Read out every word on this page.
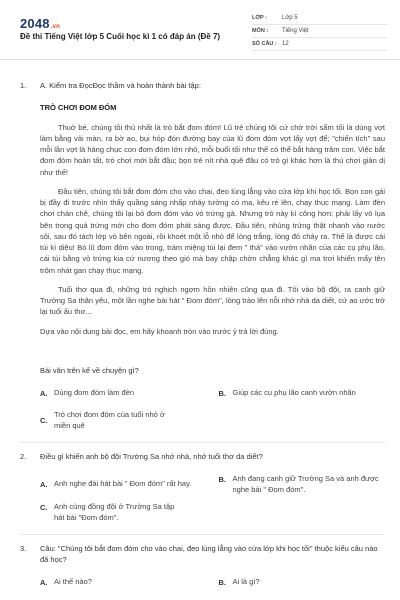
2048.vn
Đề thi Tiếng Việt lớp 5 Cuối học kì 1 có đáp án (Đề 7)
LỚP :	Lớp 5
MÔN :	Tiếng Việt
SỐ CÂU : 12
1. A. Kiểm tra ĐọcĐọc thầm và hoàn thành bài tập:
TRÒ CHƠI ĐOM ĐÓM

Thuở bé, chúng tôi thú nhất là trò bắt đom đóm! Lũ trẻ chúng tôi cứ chờ trời sẩm tối là dùng vợt làm bằng vải màn, ra bờ ao, bụi hóp đón đường bay của lũ đom đóm vợt lấy vợt để; "chiến tích" sau mỗi lần vợt là hàng chục con đom đóm lớn nhỏ, mỗi buổi tối như thế có thể bắt hàng trăm con. Việc bắt đom đóm hoàn tất, trò chơi mới bắt đầu; bọn trẻ nít nhà quê đâu có trò gì khác hơn là thú chơi giản dị như thế!

Đầu tiên, chúng tôi bắt đom đóm cho vào chai, đeo lủng lẳng vào cửa lớp khi học tối. Bọn con gái bị đầy đi trước nhìn thấy quầng sáng nhấp nháy tưởng có ma, kêu ré lên, chạy thục mạng. Làm đèn chơi chán chê, chúng tôi lại bỏ đom đóm vào vỏ trứng gà. Nhưng trò này kì công hơn: phải lấy vỏ lụa bên trong quả trứng mới cho đom đóm phát sáng được. Đầu tiên, nhúng trứng thật nhanh vào nước sôi, sau đó tách lớp vỏ bên ngoài, rồi khoét một lỗ nhỏ để lòng trắng, lòng đỏ chảy ra. Thế là được cái túi kì diệu! Bỏ lũ đom đóm vào trong, trám miệng túi lại đem " thả" vào vườn nhãn của các cụ phụ lão, cái túi bằng vỏ trứng kia cứ nương theo gió mà bay chập chờn chẳng khác gì ma trơi khiến mấy tên trộm nhát gan chạy thục mạng.

Tuổi thơ qua đi, những trò nghịch ngợm hồn nhiên cũng qua đi. Tôi vào bộ đội, ra canh giữ Trường Sa thân yêu, một lần nghe bài hát " Đom đóm", lòng trào lên nỗi nhớ nhà da diết, cứ ao ước trở lại tuổi ấu thơ...

Dựa vào nội dung bài đọc, em hãy khoanh tròn vào trước ý trả lời đúng.
Bài văn trên kể về chuyện gì?
A. Dùng đom đóm làm đèn	B. Giúp các cụ phụ lão canh vườn nhãn
C.
Trò chơi đom đóm của tuổi nhỏ ở miền quê
2. Điều gì khiến anh bộ đội Trường Sa nhớ nhà, nhớ tuổi thơ da diết?
A. Anh nghe đài hát bài " Đom đóm" rất hay.	B. Anh đang canh giữ Trường Sa và anh được nghe bài " Đom đóm".
C. Anh cùng đồng đội ở Trường Sa tập hát bài "Đom đóm".
3. Câu: "Chúng tôi bắt đom đóm cho vào chai, đeo lủng lẳng vào cửa lớp khi học tối" thuộc kiểu câu nào đã học?
A. Ai thế nào?	B. Ai là gì?
